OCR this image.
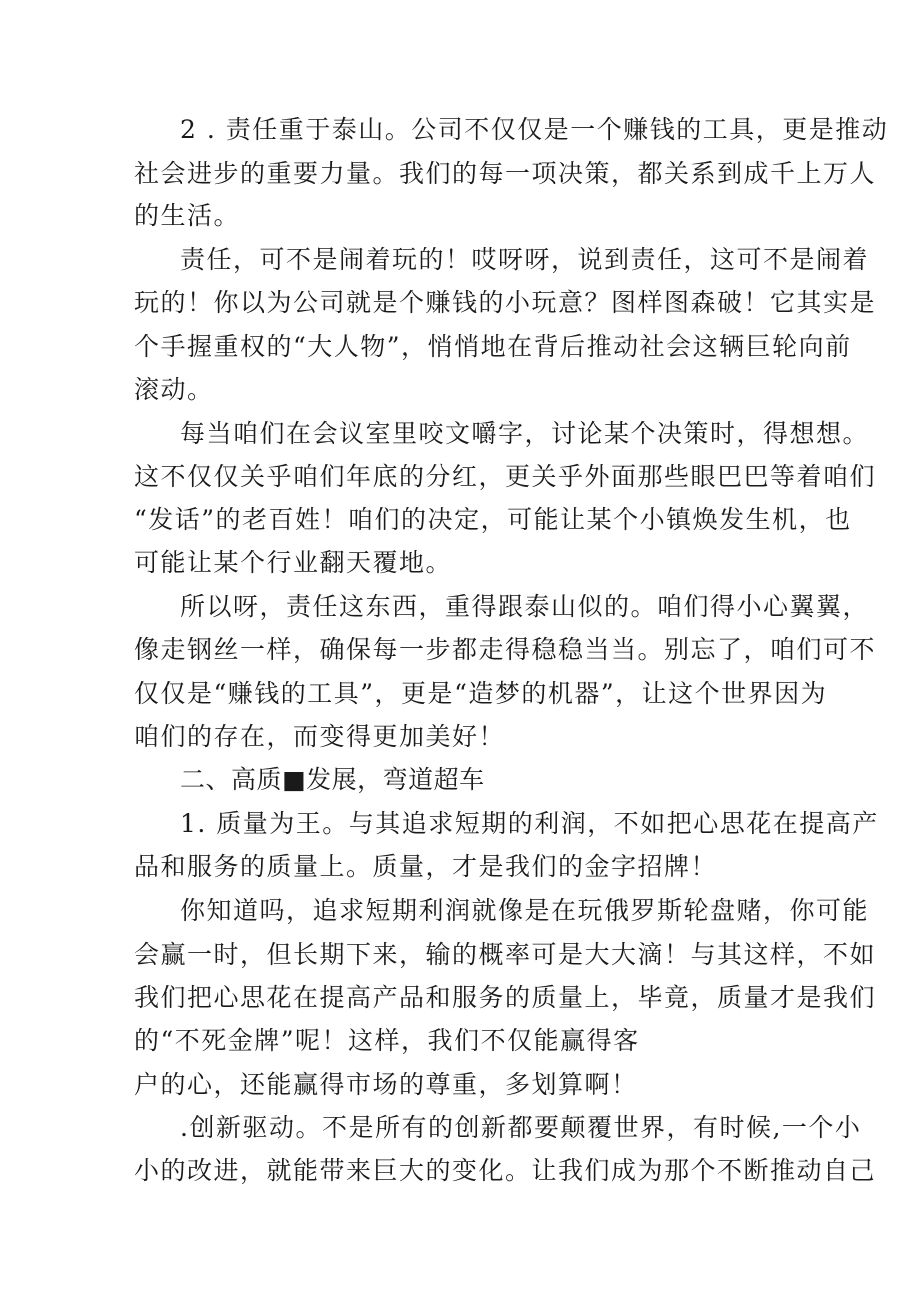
2 . 责任重于泰山。公司不仅仅是一个赚钱的工具，更是推动
社会进步的重要力量。我们的每一项决策，都关系到成千上万人
的生活。
责任，可不是闹着玩的！哎呀呀，说到责任，这可不是闹着
玩的！你以为公司就是个赚钱的小玩意？图样图森破！它其实是
个手握重权的“大人物”，悄悄地在背后推动社会这辆巨轮向前
滚动。
每当咱们在会议室里咬文嚼字，讨论某个决策时，得想想。
这不仅仅关乎咱们年底的分红，更关乎外面那些眼巴巴等着咱们
“发话”的老百姓！咱们的决定，可能让某个小镇焕发生机，也
可能让某个行业翻天覆地。
所以呀，责任这东西，重得跟泰山似的。咱们得小心翼翼，
像走钢丝一样，确保每一步都走得稳稳当当。别忘了，咱们可不
仅仅是“赚钱的工具”，更是“造梦的机器”，让这个世界因为
咱们的存在，而变得更加美好！
二、高质■发展，弯道超车
1. 质量为王。与其追求短期的利润，不如把心思花在提高产
品和服务的质量上。质量，才是我们的金字招牌！
你知道吗，追求短期利润就像是在玩俄罗斯轮盘赌，你可能
会赢一时，但长期下来，输的概率可是大大滴！与其这样，不如
我们把心思花在提高产品和服务的质量上，毕竟，质量才是我们
的“不死金牌”呢！这样，我们不仅能赢得客
户的心，还能赢得市场的尊重，多划算啊！
.创新驱动。不是所有的创新都要颠覆世界，有时候,一个小
小的改进，就能带来巨大的变化。让我们成为那个不断推动自己
